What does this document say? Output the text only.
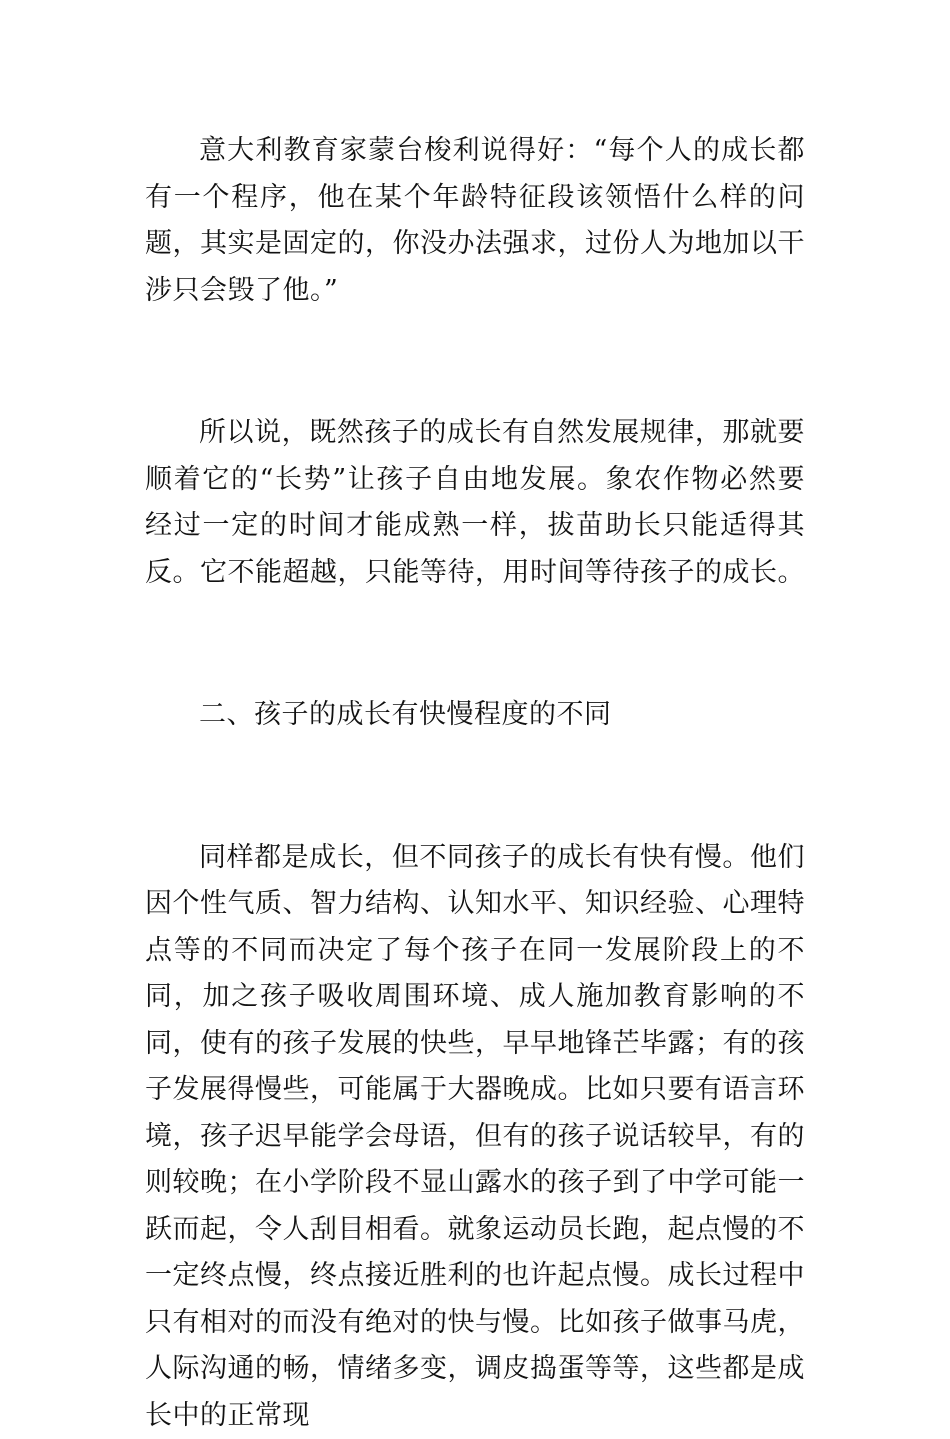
意大利教育家蒙台梭利说得好：“每个人的成长都有一个程序，他在某个年龄特征段该领悟什么样的问题，其实是固定的，你没办法强求，过份人为地加以干涉只会毁了他。”

所以说，既然孩子的成长有自然发展规律，那就要顺着它的“长势”让孩子自由地发展。象农作物必然要经过一定的时间才能成熟一样，拔苗助长只能适得其反。它不能超越，只能等待，用时间等待孩子的成长。

二、孩子的成长有快慢程度的不同

同样都是成长，但不同孩子的成长有快有慢。他们因个性气质、智力结构、认知水平、知识经验、心理特点等的不同而决定了每个孩子在同一发展阶段上的不同，加之孩子吸收周围环境、成人施加教育影响的不同，使有的孩子发展的快些，早早地锋芒毕露；有的孩子发展得慢些，可能属于大器晚成。比如只要有语言环境，孩子迟早能学会母语，但有的孩子说话较早，有的则较晚；在小学阶段不显山露水的孩子到了中学可能一跃而起，令人刮目相看。就象运动员长跑，起点慢的不一定终点慢，终点接近胜利的也许起点慢。成长过程中只有相对的而没有绝对的快与慢。比如孩子做事马虎，人际沟通的畅，情绪多变，调皮捣蛋等等，这些都是成长中的正常现
